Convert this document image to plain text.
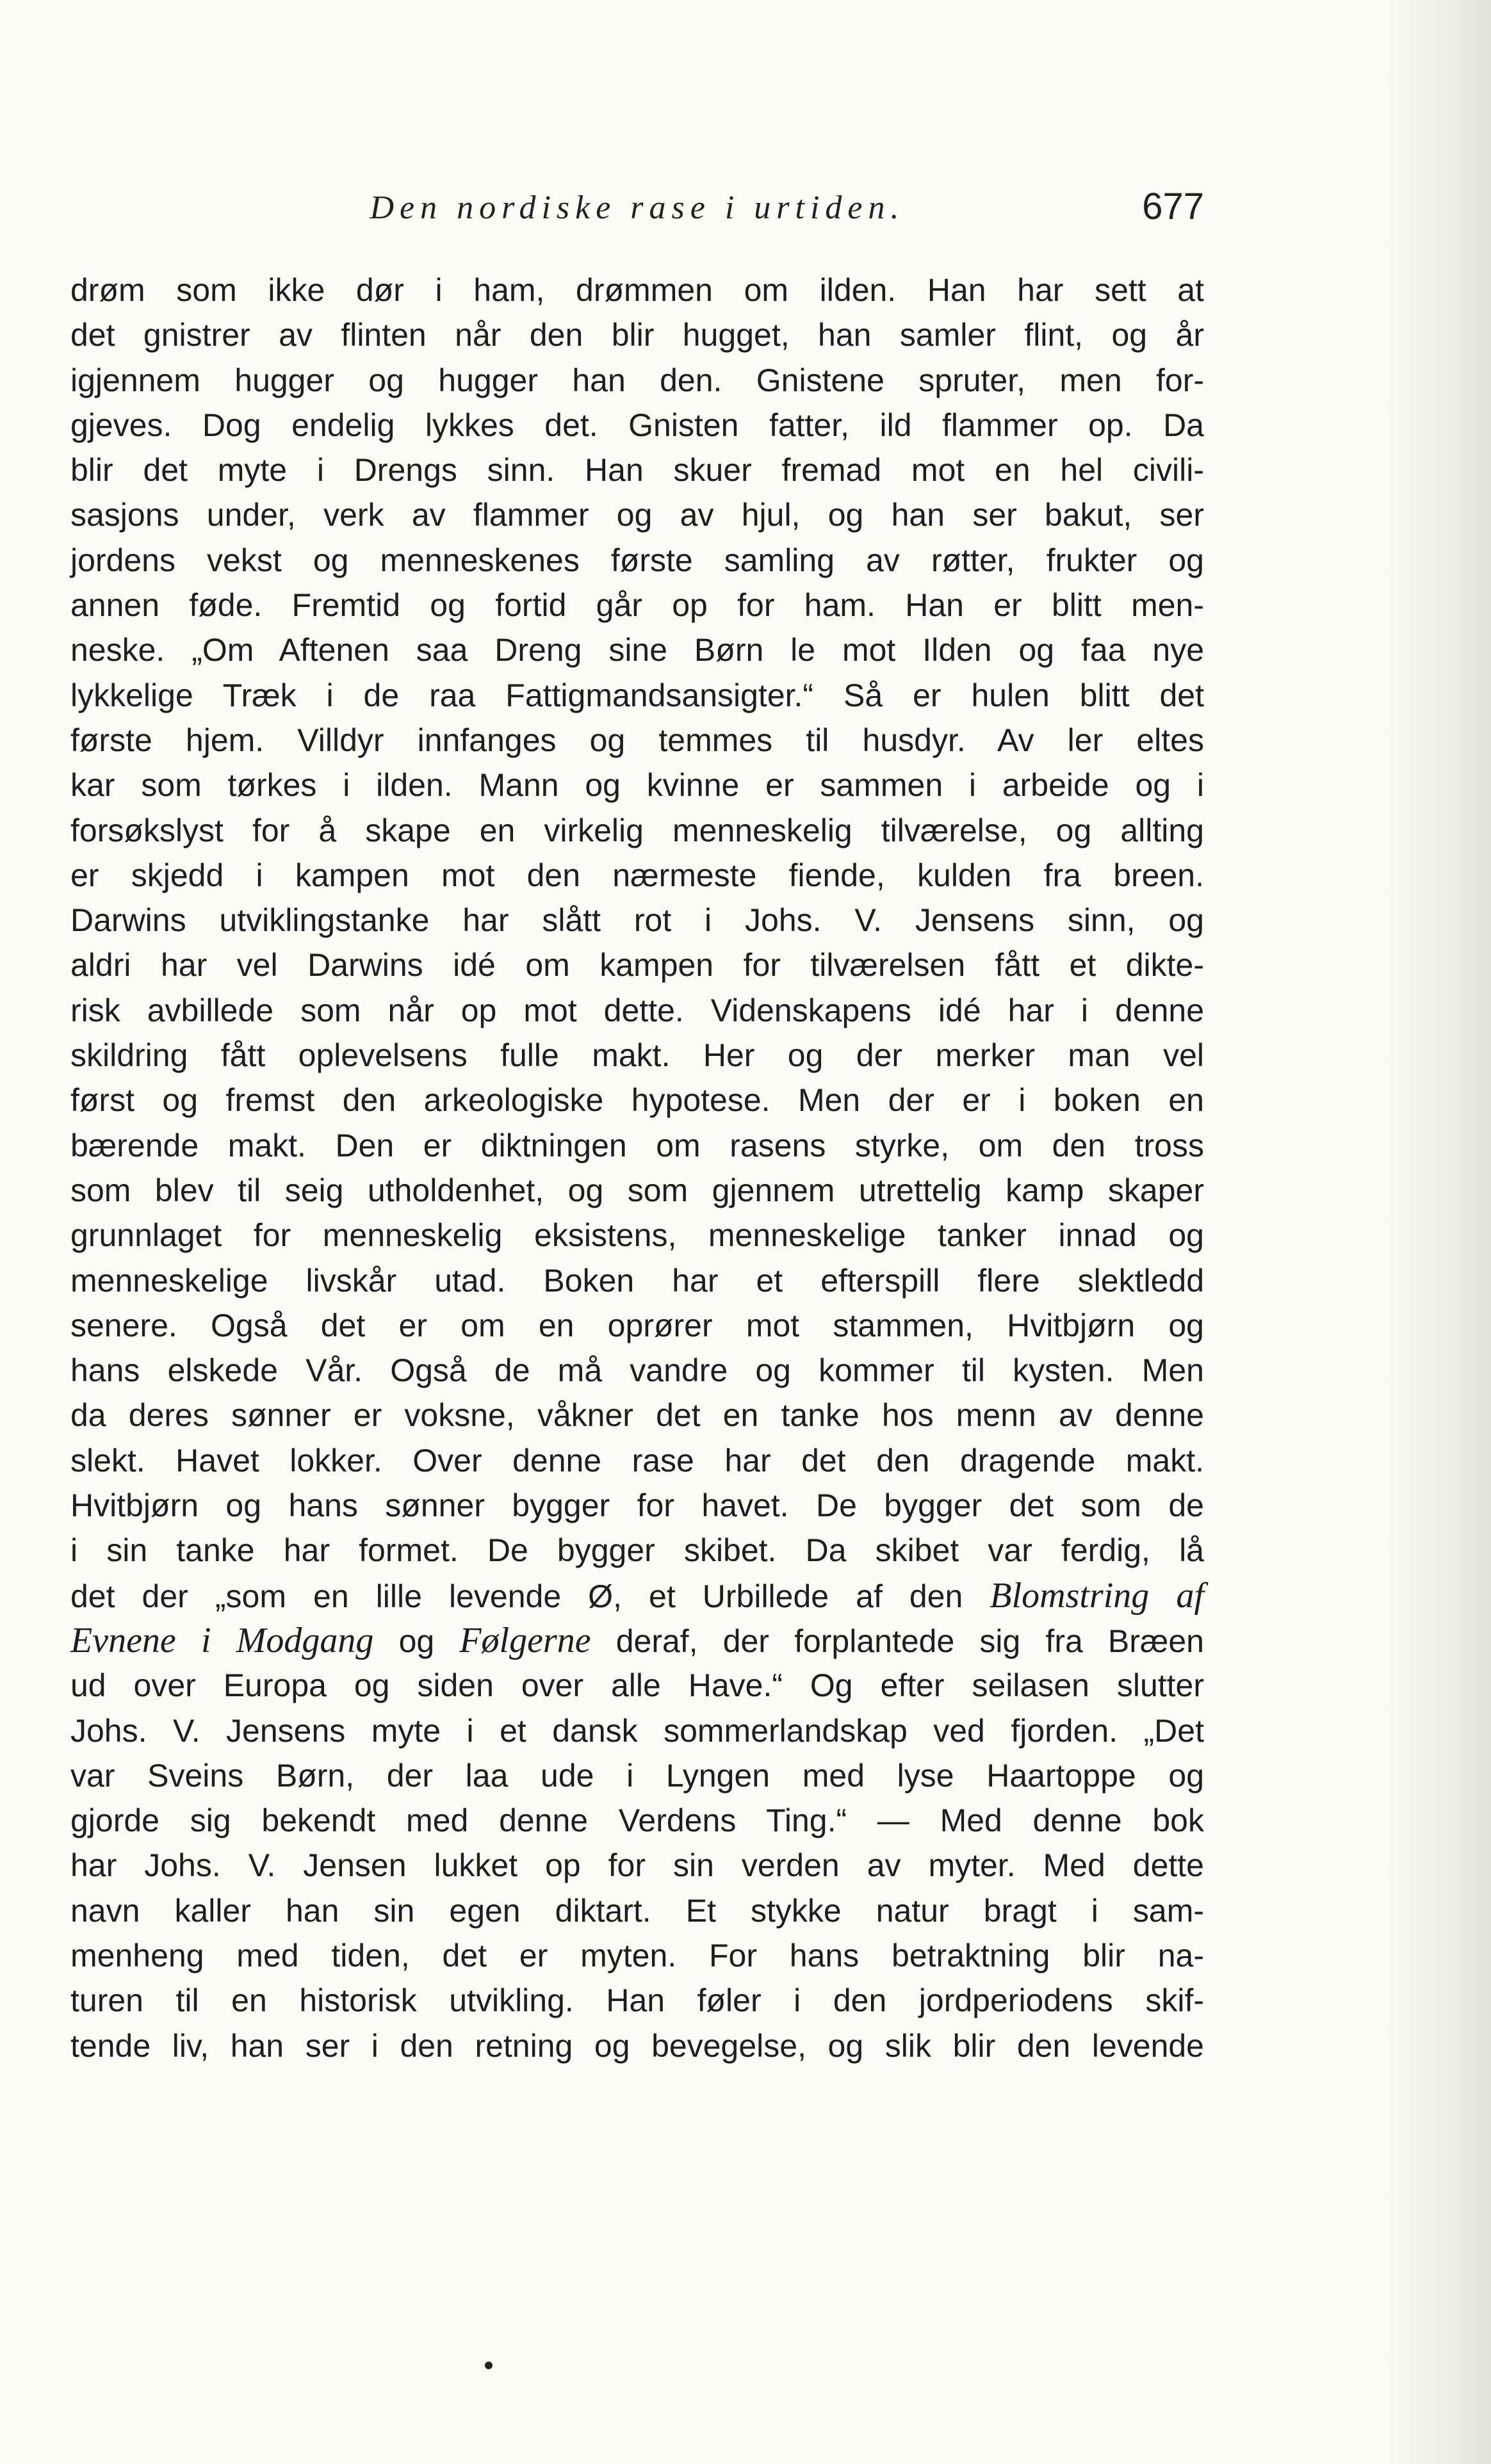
Den nordiske rase i urtiden.	677
drøm som ikke dør i ham, drømmen om ilden. Han har sett at
det gnistrer av flinten når den blir hugget, han samler flint, og år
igjennem hugger og hugger han den. Gnistene spruter, men for-
gjeves. Dog endelig lykkes det. Gnisten fatter, ild flammer op. Da
blir det myte i Drengs sinn. Han skuer fremad mot en hel civili-
sasjons under, verk av flammer og av hjul, og han ser bakut, ser
jordens vekst og menneskenes første samling av røtter, frukter og
annen føde. Fremtid og fortid går op for ham. Han er blitt men-
neske. „Om Aftenen saa Dreng sine Børn le mot Ilden og faa nye
lykkelige Træk i de raa Fattigmandsansigter.“ Så er hulen blitt det
første hjem. Villdyr innfanges og temmes til husdyr. Av ler eltes
kar som tørkes i ilden. Mann og kvinne er sammen i arbeide og i
forsøkslyst for å skape en virkelig menneskelig tilværelse, og allting
er skjedd i kampen mot den nærmeste fiende, kulden fra breen.
Darwins utviklingstanke har slått rot i Johs. V. Jensens sinn, og
aldri har vel Darwins idé om kampen for tilværelsen fått et dikte-
risk avbillede som når op mot dette. Videnskapens idé har i denne
skildring fått oplevelsens fulle makt. Her og der merker man vel
først og fremst den arkeologiske hypotese. Men der er i boken en
bærende makt. Den er diktningen om rasens styrke, om den tross
som blev til seig utholdenhet, og som gjennem utrettelig kamp skaper
grunnlaget for menneskelig eksistens, menneskelige tanker innad og
menneskelige livskår utad. Boken har et efterspill flere slektledd
senere. Også det er om en oprører mot stammen, Hvitbjørn og
hans elskede Vår. Også de må vandre og kommer til kysten. Men
da deres sønner er voksne, våkner det en tanke hos menn av denne
slekt. Havet lokker. Over denne rase har det den dragende makt.
Hvitbjørn og hans sønner bygger for havet. De bygger det som de
i sin tanke har formet. De bygger skibet. Da skibet var ferdig, lå
det der „som en lille levende Ø, et Urbillede af den Blomstring af
Evnene i Modgang og Følgerne deraf, der forplantede sig fra Bræen
ud over Europa og siden over alle Have.“ Og efter seilasen slutter
Johs. V. Jensens myte i et dansk sommerlandskap ved fjorden. „Det
var Sveins Børn, der laa ude i Lyngen med lyse Haartoppe og
gjorde sig bekendt med denne Verdens Ting.“ — Med denne bok
har Johs. V. Jensen lukket op for sin verden av myter. Med dette
navn kaller han sin egen diktart. Et stykke natur bragt i sam-
menheng med tiden, det er myten. For hans betraktning blir na-
turen til en historisk utvikling. Han føler i den jordperiodens skif-
tende liv, han ser i den retning og bevegelse, og slik blir den levende
